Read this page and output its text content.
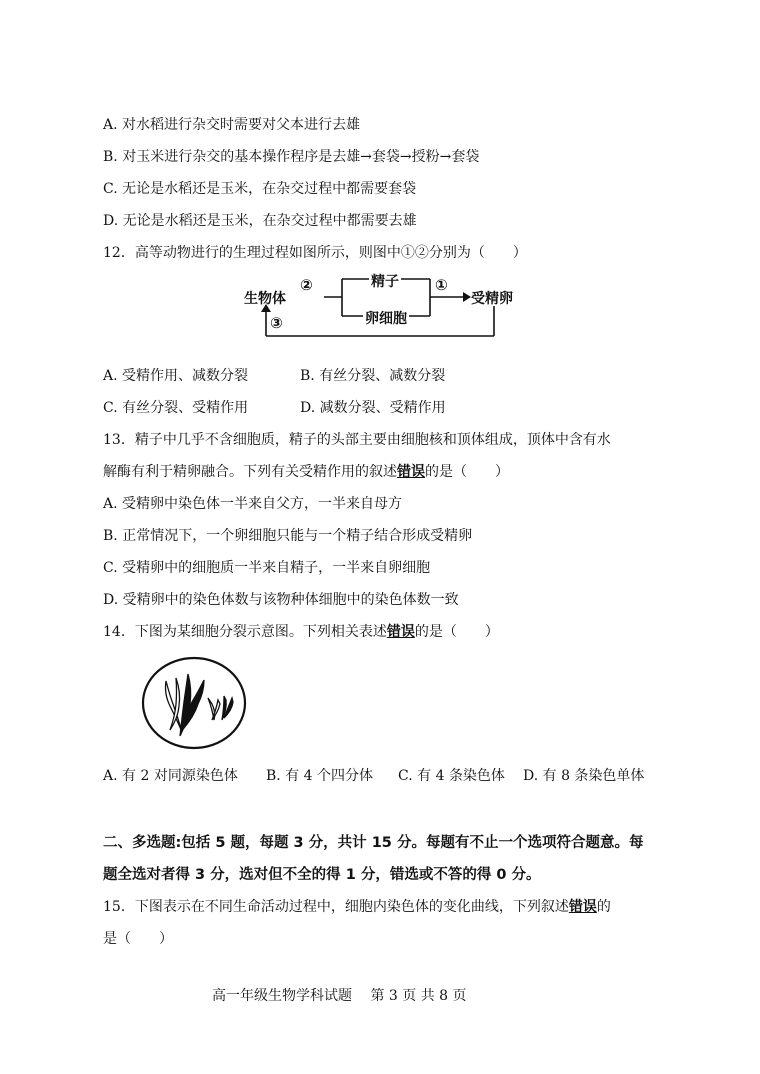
A. 对水稻进行杂交时需要对父本进行去雄
B. 对玉米进行杂交的基本操作程序是去雄→套袋→授粉→套袋
C. 无论是水稻还是玉米，在杂交过程中都需要套袋
D. 无论是水稻还是玉米，在杂交过程中都需要去雄
12．高等动物进行的生理过程如图所示，则图中①②分别为（　　）
生物体
②	精子
卵细胞
①
受精卵
③
A. 受精作用、减数分裂	B. 有丝分裂、减数分裂
C. 有丝分裂、受精作用	D. 减数分裂、受精作用
13．精子中几乎不含细胞质，精子的头部主要由细胞核和顶体组成，顶体中含有水
解酶有利于精卵融合。下列有关受精作用的叙述错误的是（　　）
A. 受精卵中染色体一半来自父方，一半来自母方
B. 正常情况下，一个卵细胞只能与一个精子结合形成受精卵
C. 受精卵中的细胞质一半来自精子，一半来自卵细胞
D. 受精卵中的染色体数与该物种体细胞中的染色体数一致
14．下图为某细胞分裂示意图。下列相关表述错误的是（　　）
A. 有 2 对同源染色体 B. 有 4 个四分体 C. 有 4 条染色体 D. 有 8 条染色单体
二、多选题:包括 5 题，每题 3 分，共计 15 分。每题有不止一个选项符合题意。每
题全选对者得 3 分，选对但不全的得 1 分，错选或不答的得 0 分。
15．下图表示在不同生命活动过程中，细胞内染色体的变化曲线，下列叙述错误的
是（　　）
高一年级生物学科试题　 第 3 页 共 8 页
